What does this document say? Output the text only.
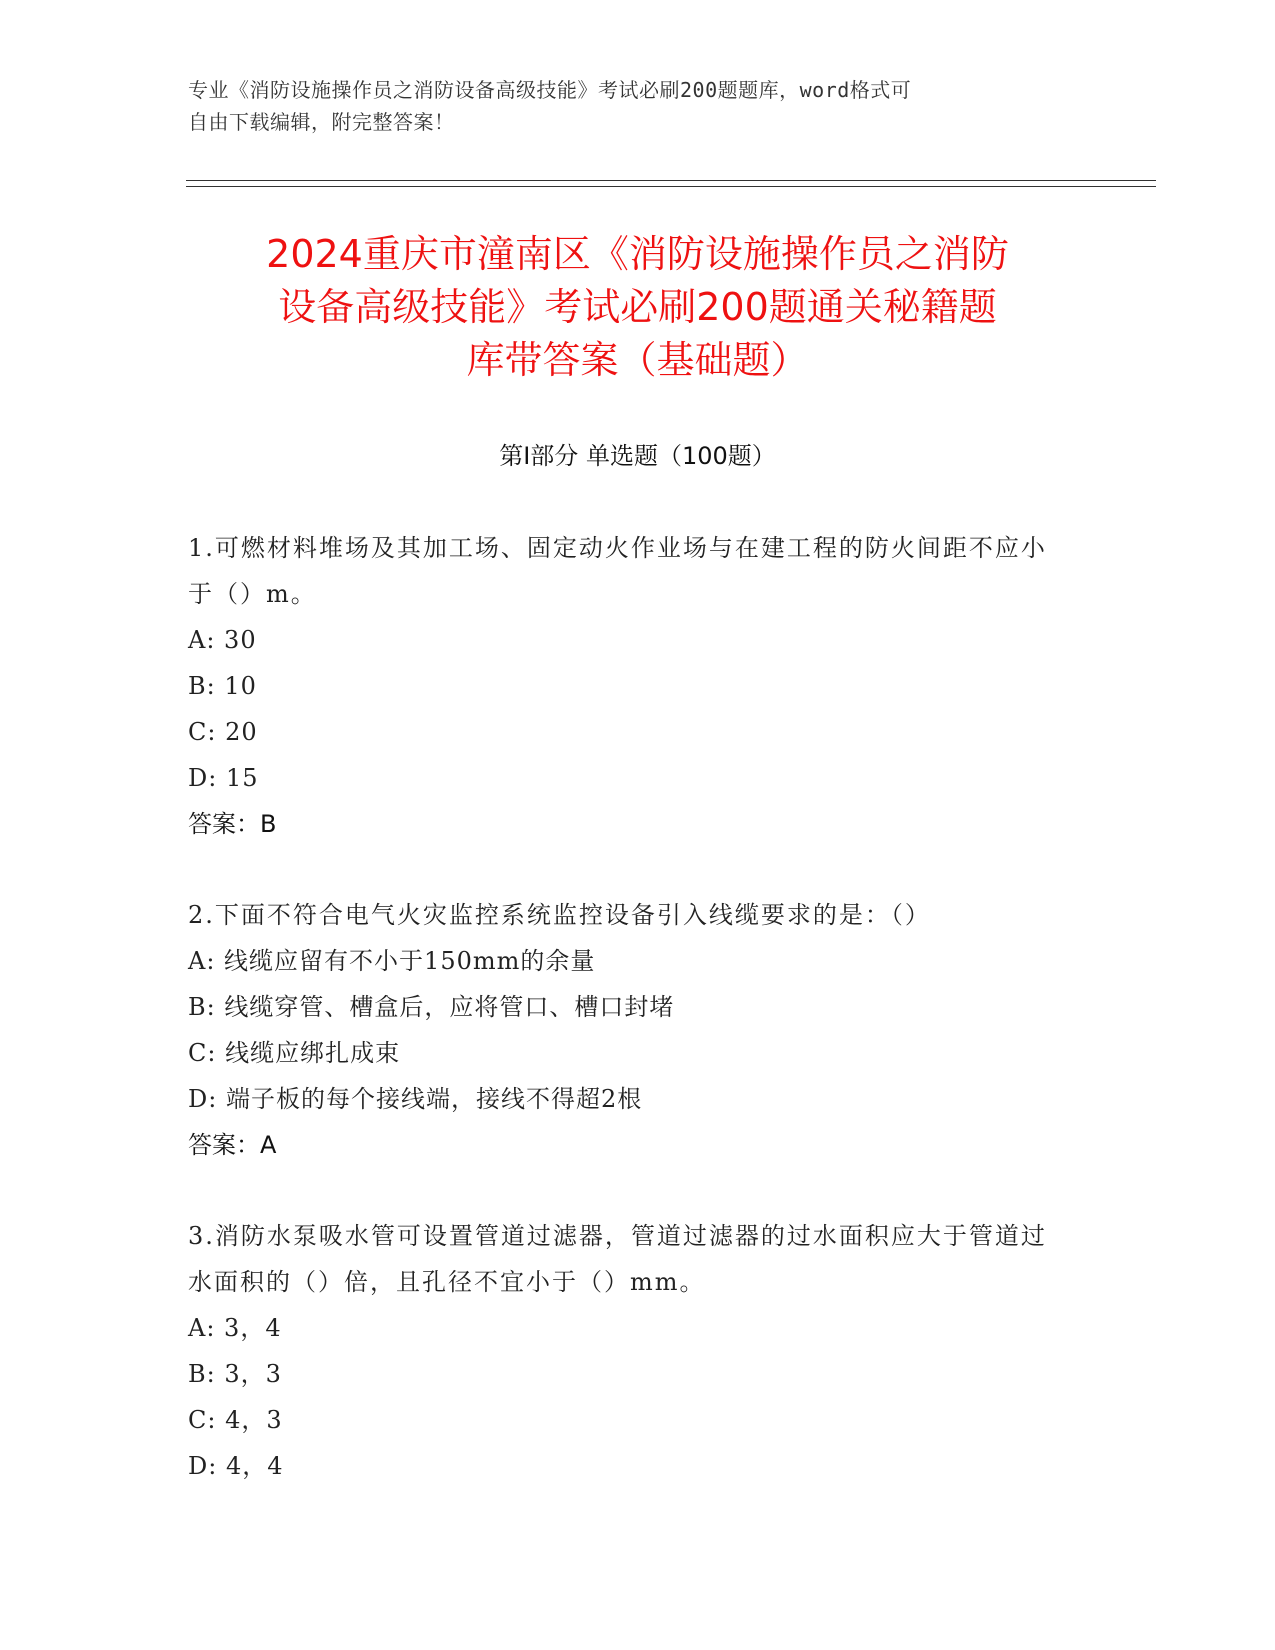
专业《消防设施操作员之消防设备高级技能》考试必刷200题题库，word格式可
自由下载编辑，附完整答案！
2024重庆市潼南区《消防设施操作员之消防
设备高级技能》考试必刷200题通关秘籍题
库带答案（基础题）
第Ⅰ部分 单选题（100题）
1.可燃材料堆场及其加工场、固定动火作业场与在建工程的防火间距不应小于（）m。
A: 30
B: 10
C: 20
D: 15
答案：B
2.下面不符合电气火灾监控系统监控设备引入线缆要求的是：（）
A: 线缆应留有不小于150mm的余量
B: 线缆穿管、槽盒后，应将管口、槽口封堵
C: 线缆应绑扎成束
D: 端子板的每个接线端，接线不得超2根
答案：A
3.消防水泵吸水管可设置管道过滤器，管道过滤器的过水面积应大于管道过水面积的（）倍，且孔径不宜小于（）mm。
A: 3，4
B: 3，3
C: 4，3
D: 4，4
